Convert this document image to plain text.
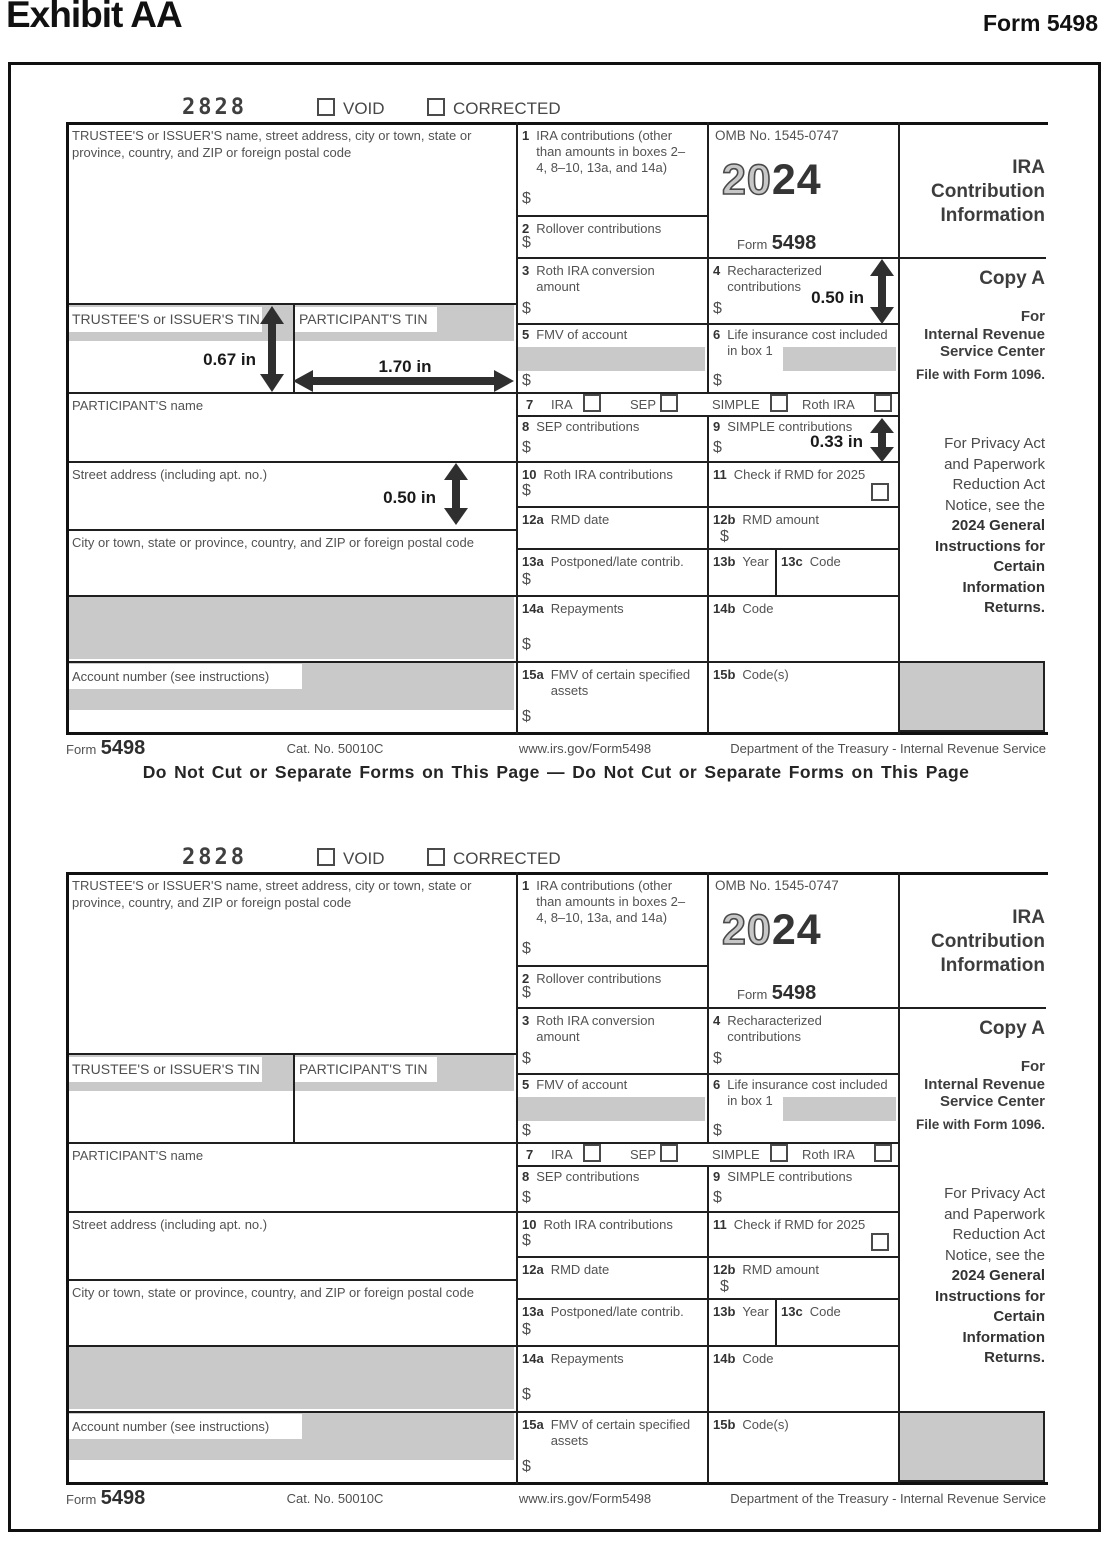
Exhibit AA	Form 5498
2828	VOID	CORRECTED
TRUSTEE'S or ISSUER'S TIN	PARTICIPANT'S TIN
Account number (see instructions)
TRUSTEE'S or ISSUER'S name, street address, city or town, state or province, country, and ZIP or foreign postal code
PARTICIPANT'S name
Street address (including apt. no.)
City or town, state or province, country, and ZIP or foreign postal code
1 IRA contributions (other than amounts in boxes 2–4, 8–10, 13a, and 14a)
$
OMB No. 1545-0747
2024
Form 5498
2 Rollover contributions
$
3 Roth IRA conversion amount
$
4 Recharacterized contributions
$
5 FMV of account
$
6 Life insurance cost included in box 1
$
7 IRA	SEP	SIMPLE	Roth IRA
8 SEP contributions
$
9 SIMPLE contributions
$
10 Roth IRA contributions
$
11 Check if RMD for 2025
12a RMD date	12b RMD amount
$
13a Postponed/late contrib.
$
13b Year 13c Code
14a Repayments
$
14b Code
15a FMV of certain specified assets
$
15b Code(s)
IRA
Contribution
Information
Copy A
For
Internal Revenue Service Center
File with Form 1096.
For Privacy Act and Paperwork Reduction Act Notice, see the 2024 General Instructions for Certain Information Returns.
Form 5498	Cat. No. 50010C	www.irs.gov/Form5498	Department of the Treasury - Internal Revenue Service
0.50 in
0.67 in	1.70 in
0.33 in
0.50 in
2828	VOID	CORRECTED
TRUSTEE'S or ISSUER'S TIN	PARTICIPANT'S TIN
Account number (see instructions)
TRUSTEE'S or ISSUER'S name, street address, city or town, state or province, country, and ZIP or foreign postal code
PARTICIPANT'S name
Street address (including apt. no.)
City or town, state or province, country, and ZIP or foreign postal code
1 IRA contributions (other than amounts in boxes 2–4, 8–10, 13a, and 14a)
$
OMB No. 1545-0747
2024
Form 5498
2 Rollover contributions
$
3 Roth IRA conversion amount
$
4 Recharacterized contributions
$
5 FMV of account
$
6 Life insurance cost included in box 1
$
7 IRA	SEP	SIMPLE	Roth IRA
8 SEP contributions
$
9 SIMPLE contributions
$
10 Roth IRA contributions
$
11 Check if RMD for 2025
12a RMD date	12b RMD amount
$
13a Postponed/late contrib.
$
13b Year 13c Code
14a Repayments
$
14b Code
15a FMV of certain specified assets
$
15b Code(s)
IRA
Contribution
Information
Copy A
For
Internal Revenue Service Center
File with Form 1096.
For Privacy Act and Paperwork Reduction Act Notice, see the 2024 General Instructions for Certain Information Returns.
Form 5498	Cat. No. 50010C	www.irs.gov/Form5498	Department of the Treasury - Internal Revenue Service
Do Not Cut or Separate Forms on This Page — Do Not Cut or Separate Forms on This Page
